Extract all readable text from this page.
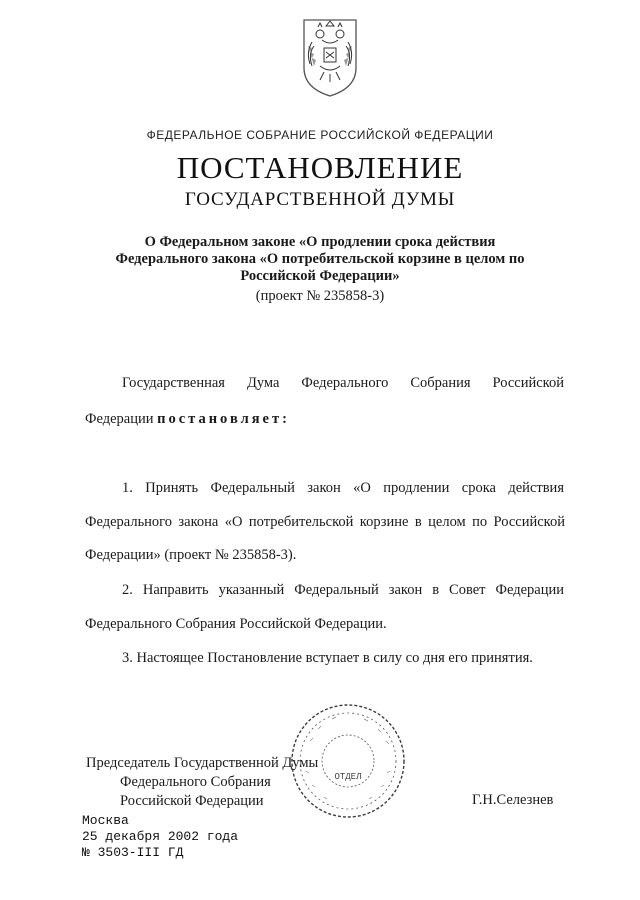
ФЕДЕРАЛЬНОЕ СОБРАНИЕ РОССИЙСКОЙ ФЕДЕРАЦИИ
ПОСТАНОВЛЕНИЕ
ГОСУДАРСТВЕННОЙ ДУМЫ
О Федеральном законе «О продлении срока действия
Федерального закона «О потребительской корзине в целом по
Российской Федерации»
(проект № 235858-3)
Государственная Дума Федерального Собрания Российской
Федерации постановляет:
1. Принять Федеральный закон «О продлении срока действия
Федерального закона «О потребительской корзине в целом по Российской
Федерации» (проект № 235858-3).
2. Направить указанный Федеральный закон в Совет Федерации
Федерального Собрания Российской Федерации.
3. Настоящее Постановление вступает в силу со дня его принятия.
ОТДЕЛ
Председатель Государственной Думы
Федерального Собрания
Российской Федерации	Г.Н.Селезнев
Москва
25 декабря 2002 года
№ 3503-III ГД
